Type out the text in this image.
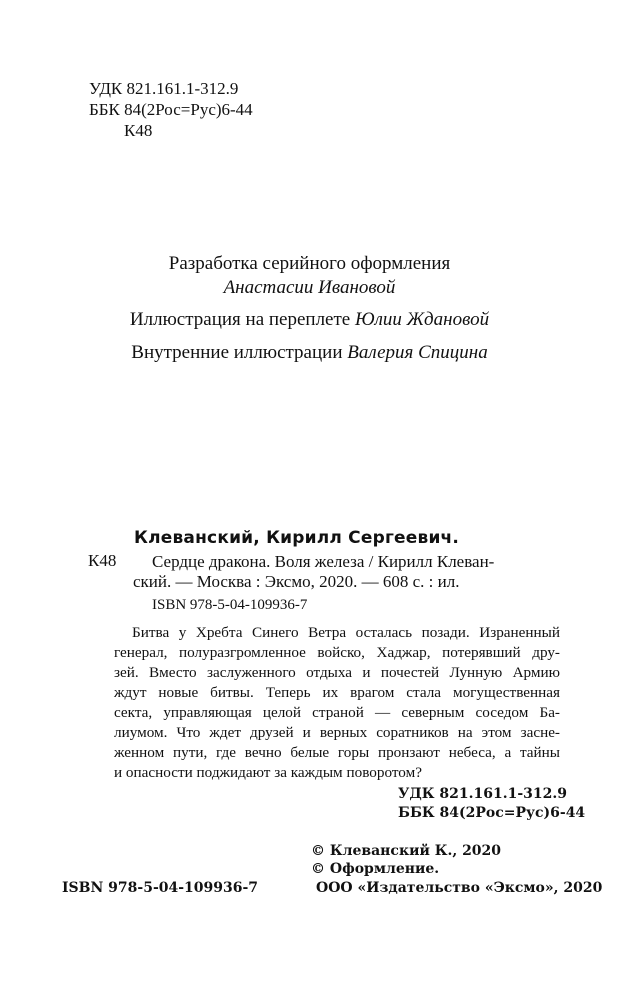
УДК 821.161.1-312.9
ББК 84(2Рос=Рус)6-44
К48
Разработка серийного оформления
Анастасии Ивановой
Иллюстрация на переплете Юлии Ждановой
Внутренние иллюстрации Валерия Спицина
Клеванский, Кирилл Сергеевич.
К48 Сердце дракона. Воля железа / Кирилл Клеван-
ский. — Москва : Эксмо, 2020. — 608 с. : ил.
ISBN 978-5-04-109936-7
Битва у Хребта Синего Ветра осталась позади. Израненный
генерал, полуразгромленное войско, Хаджар, потерявший дру-
зей. Вместо заслуженного отдыха и почестей Лунную Армию
ждут новые битвы. Теперь их врагом стала могущественная
секта, управляющая целой страной — северным соседом Ба-
лиумом. Что ждет друзей и верных соратников на этом засне-
женном пути, где вечно белые горы пронзают небеса, а тайны
и опасности поджидают за каждым поворотом?
УДК 821.161.1-312.9
ББК 84(2Рос=Рус)6-44
© Клеванский К., 2020
© Оформление.
ООО «Издательство «Эксмо», 2020
ISBN 978-5-04-109936-7
